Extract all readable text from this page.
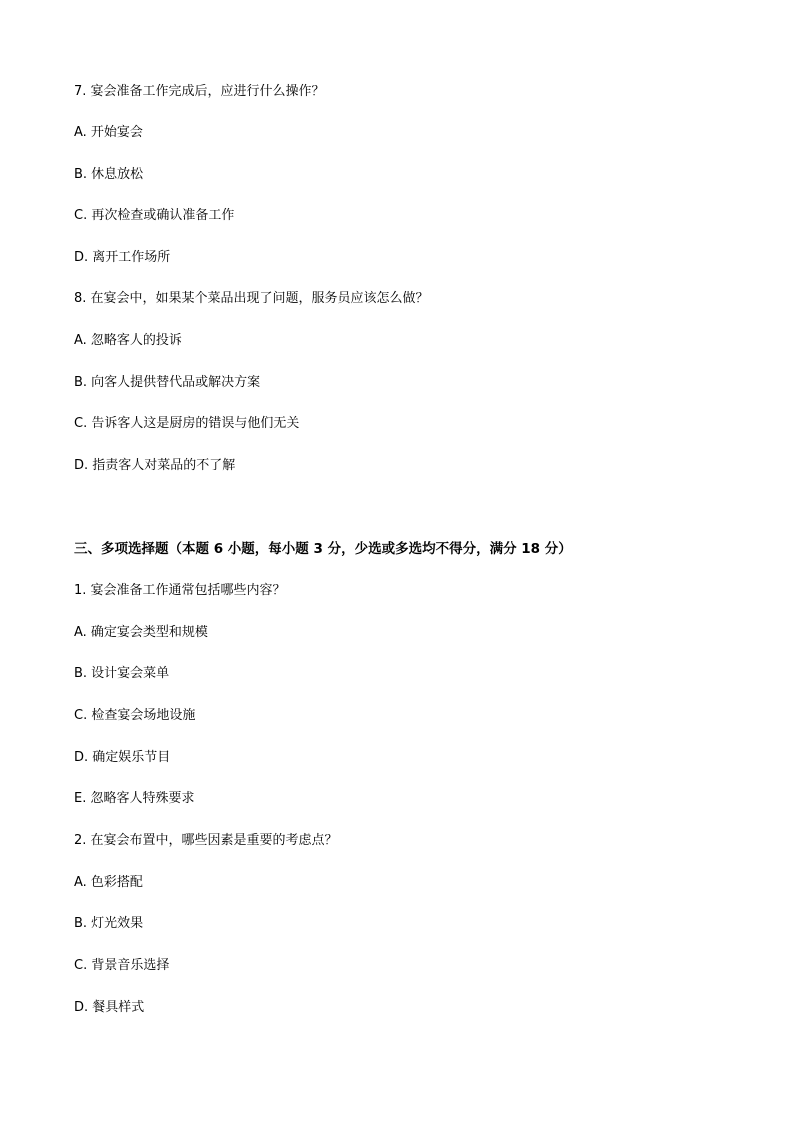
7. 宴会准备工作完成后，应进行什么操作？
A. 开始宴会
B. 休息放松
C. 再次检查或确认准备工作
D. 离开工作场所
8. 在宴会中，如果某个菜品出现了问题，服务员应该怎么做？
A. 忽略客人的投诉
B. 向客人提供替代品或解决方案
C. 告诉客人这是厨房的错误与他们无关
D. 指责客人对菜品的不了解
三、多项选择题（本题 6 小题，每小题 3 分，少选或多选均不得分，满分 18 分）
1. 宴会准备工作通常包括哪些内容？
A. 确定宴会类型和规模
B. 设计宴会菜单
C. 检查宴会场地设施
D. 确定娱乐节目
E. 忽略客人特殊要求
2. 在宴会布置中，哪些因素是重要的考虑点？
A. 色彩搭配
B. 灯光效果
C. 背景音乐选择
D. 餐具样式
